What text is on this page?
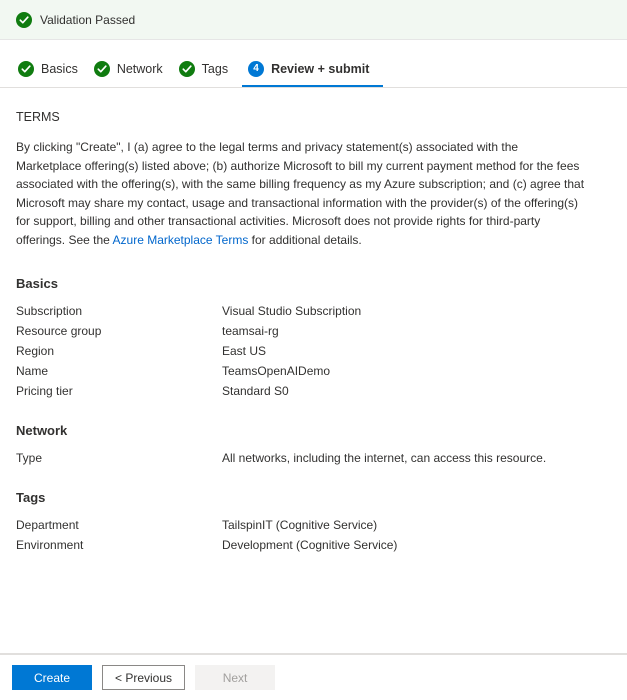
Validation Passed
Basics	Network	Tags	4 Review + submit
TERMS

By clicking "Create", I (a) agree to the legal terms and privacy statement(s) associated with the Marketplace offering(s) listed above; (b) authorize Microsoft to bill my current payment method for the fees associated with the offering(s), with the same billing frequency as my Azure subscription; and (c) agree that Microsoft may share my contact, usage and transactional information with the provider(s) of the offering(s) for support, billing and other transactional activities. Microsoft does not provide rights for third-party offerings. See the Azure Marketplace Terms for additional details.

Basics
Subscription	Visual Studio Subscription
Resource group	teamsai-rg
Region	East US
Name	TeamsOpenAIDemo
Pricing tier	Standard S0
Network
Type	All networks, including the internet, can access this resource.
Tags
Department	TailspinIT (Cognitive Service)
Environment	Development (Cognitive Service)
Create	< Previous	Next
